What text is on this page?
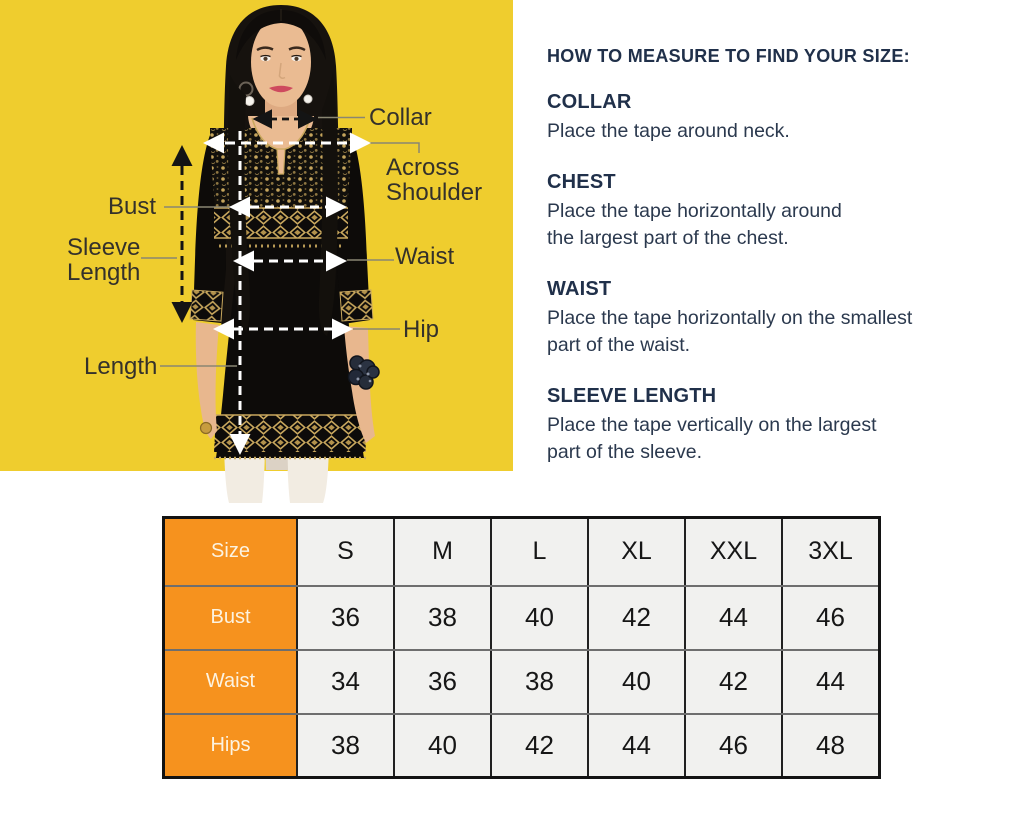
Collar
Across
Shoulder
Bust
Sleeve
Length
Waist
Hip
Length
HOW TO MEASURE TO FIND YOUR SIZE:
COLLAR
Place the tape around neck.
CHEST
Place the tape horizontally around
the largest part of the chest.
WAIST
Place the tape horizontally on the smallest
part of the waist.
SLEEVE LENGTH
Place the tape vertically on the largest
part of the sleeve.
Size	S	M	L	XL	XXL	3XL
Bust	36	38	40	42	44	46
Waist	34	36	38	40	42	44
Hips	38	40	42	44	46	48
